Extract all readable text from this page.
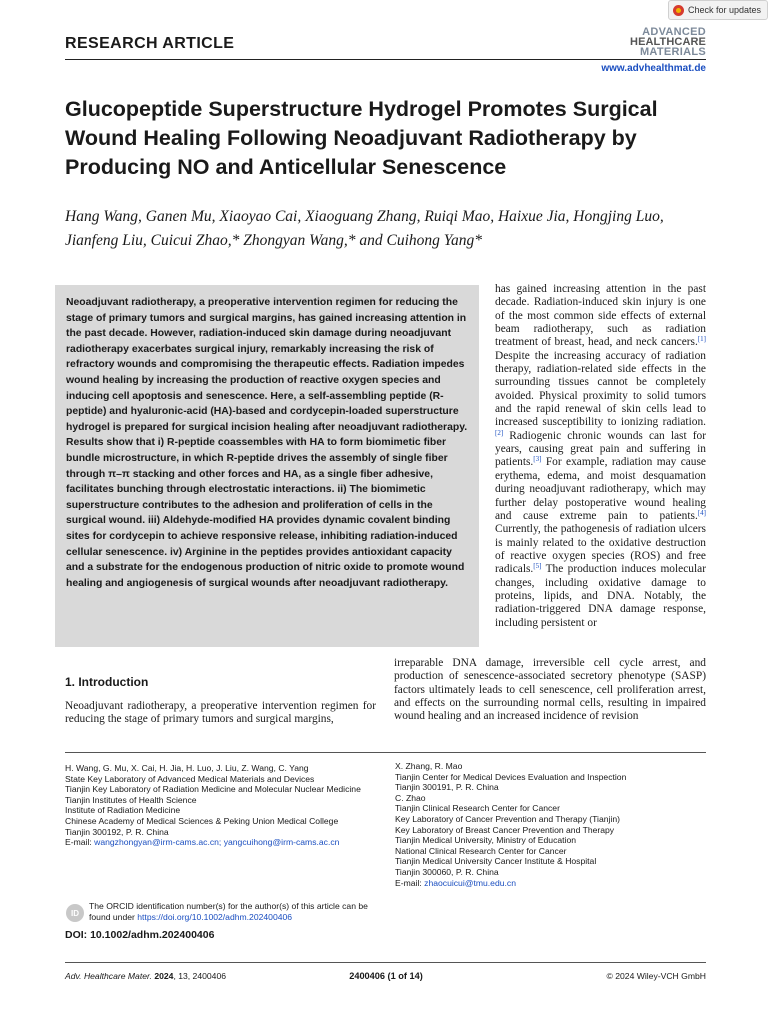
Check for updates
RESEARCH ARTICLE
ADVANCED
HEALTHCARE
MATERIALS
www.advhealthmat.de
Glucopeptide Superstructure Hydrogel Promotes Surgical Wound Healing Following Neoadjuvant Radiotherapy by Producing NO and Anticellular Senescence
Hang Wang, Ganen Mu, Xiaoyao Cai, Xiaoguang Zhang, Ruiqi Mao, Haixue Jia, Hongjing Luo, Jianfeng Liu, Cuicui Zhao,* Zhongyan Wang,* and Cuihong Yang*

Neoadjuvant radiotherapy, a preoperative intervention regimen for reducing the stage of primary tumors and surgical margins, has gained increasing attention in the past decade. However, radiation-induced skin damage during neoadjuvant radiotherapy exacerbates surgical injury, remarkably increasing the risk of refractory wounds and compromising the therapeutic effects. Radiation impedes wound healing by increasing the production of reactive oxygen species and inducing cell apoptosis and senescence. Here, a self-assembling peptide (R-peptide) and hyaluronic-acid (HA)-based and cordycepin-loaded superstructure hydrogel is prepared for surgical incision healing after neoadjuvant radiotherapy. Results show that i) R-peptide coassembles with HA to form biomimetic fiber bundle microstructure, in which R-peptide drives the assembly of single fiber through π–π stacking and other forces and HA, as a single fiber adhesive, facilitates bunching through electrostatic interactions. ii) The biomimetic superstructure contributes to the adhesion and proliferation of cells in the surgical wound. iii) Aldehyde-modified HA provides dynamic covalent binding sites for cordycepin to achieve responsive release, inhibiting radiation-induced cellular senescence. iv) Arginine in the peptides provides antioxidant capacity and a substrate for the endogenous production of nitric oxide to promote wound healing and angiogenesis of surgical wounds after neoadjuvant radiotherapy.

has gained increasing attention in the past decade. Radiation-induced skin injury is one of the most common side effects of external beam radiotherapy, such as radiation treatment of breast, head, and neck cancers.[1] Despite the increasing accuracy of radiation therapy, radiation-related side effects in the surrounding tissues cannot be completely avoided. Physical proximity to solid tumors and the rapid renewal of skin cells lead to increased susceptibility to ionizing radiation.[2] Radiogenic chronic wounds can last for years, causing great pain and suffering in patients.[3] For example, radiation may cause erythema, edema, and moist desquamation during neoadjuvant radiotherapy, which may further delay postoperative wound healing and cause extreme pain to patients.[4] Currently, the pathogenesis of radiation ulcers is mainly related to the oxidative destruction of reactive oxygen species (ROS) and free radicals.[5] The production induces molecular changes, including oxidative damage to proteins, lipids, and DNA. Notably, the radiation-triggered DNA damage response, including persistent or

irreparable DNA damage, irreversible cell cycle arrest, and production of senescence-associated secretory phenotype (SASP) factors ultimately leads to cell senescence, cell proliferation arrest, and effects on the surrounding normal cells, resulting in impaired wound healing and an increased incidence of revision

1. Introduction

Neoadjuvant radiotherapy, a preoperative intervention regimen for reducing the stage of primary tumors and surgical margins,

H. Wang, G. Mu, X. Cai, H. Jia, H. Luo, J. Liu, Z. Wang, C. Yang
State Key Laboratory of Advanced Medical Materials and Devices
Tianjin Key Laboratory of Radiation Medicine and Molecular Nuclear Medicine
Tianjin Institutes of Health Science
Institute of Radiation Medicine
Chinese Academy of Medical Sciences & Peking Union Medical College
Tianjin 300192, P. R. China
E-mail: wangzhongyan@irm-cams.ac.cn; yangcuihong@irm-cams.ac.cn
X. Zhang, R. Mao
Tianjin Center for Medical Devices Evaluation and Inspection
Tianjin 300191, P. R. China
C. Zhao
Tianjin Clinical Research Center for Cancer
Key Laboratory of Cancer Prevention and Therapy (Tianjin)
Key Laboratory of Breast Cancer Prevention and Therapy
Tianjin Medical University, Ministry of Education
National Clinical Research Center for Cancer
Tianjin Medical University Cancer Institute & Hospital
Tianjin 300060, P. R. China
E-mail: zhaocuicui@tmu.edu.cn
ID
The ORCID identification number(s) for the author(s) of this article can be found under https://doi.org/10.1002/adhm.202400406
DOI: 10.1002/adhm.202400406
Adv. Healthcare Mater. 2024, 13, 2400406	2400406 (1 of 14)	© 2024 Wiley-VCH GmbH
